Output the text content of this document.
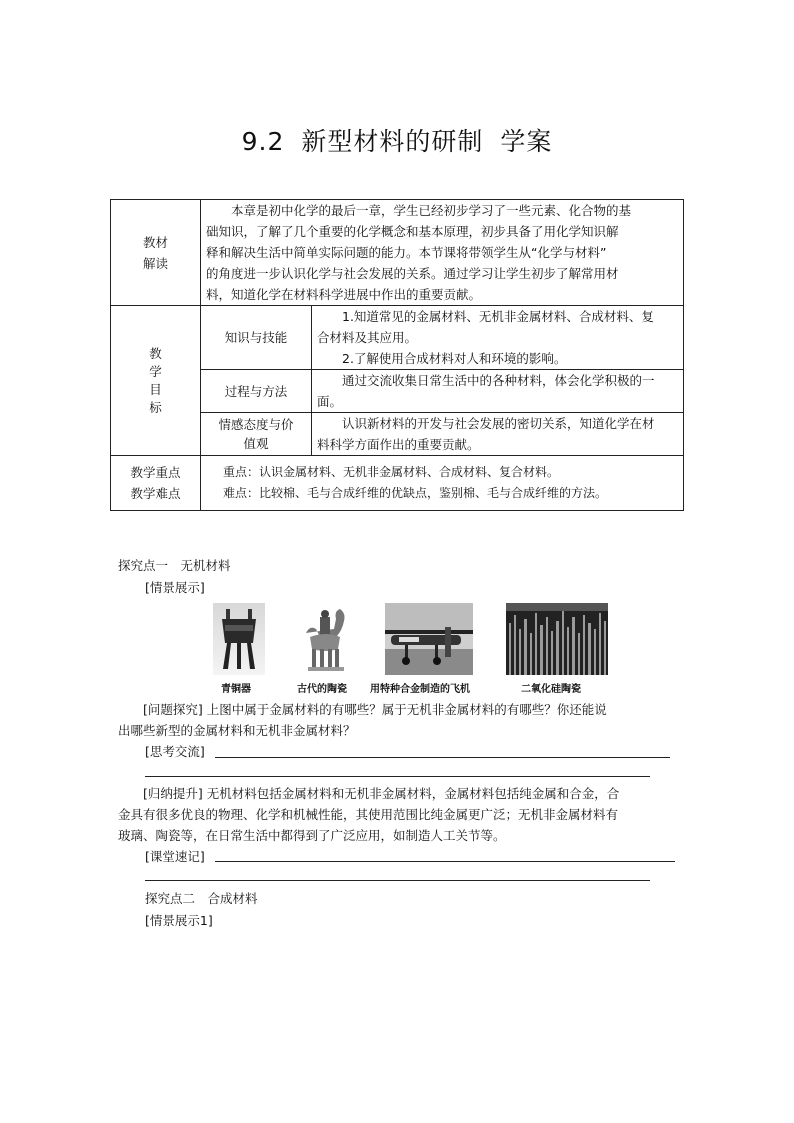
9.2 新型材料的研制 学案
教材
解读	本章是初中化学的最后一章，学生已经初步学习了一些元素、化合物的基
础知识，了解了几个重要的化学概念和基本原理，初步具备了用化学知识解
释和解决生活中简单实际问题的能力。本节课将带领学生从“化学与材料”
的角度进一步认识化学与社会发展的关系。通过学习让学生初步了解常用材
料，知道化学在材料科学进展中作出的重要贡献。	

教
学
目
标	知识与技能	1.知道常见的金属材料、无机非金属材料、合成材料、复
合材料及其应用。
2.了解使用合成材料对人和环境的影响。

	过程与方法	通过交流收集日常生活中的各种材料，体会化学积极的一
面。

	情感态度与价
值观	认识新材料的开发与社会发展的密切关系，知道化学在材
料科学方面作出的重要贡献。

教学重点
教学难点	重点：认识金属材料、无机非金属材料、合成材料、复合材料。
难点：比较棉、毛与合成纤维的优缺点，鉴别棉、毛与合成纤维的方法。	
探究点一　无机材料
[情景展示]
青铜器	古代的陶瓷 用特种合金制造的飞机	二氧化硅陶瓷
[问题探究] 上图中属于金属材料的有哪些？属于无机非金属材料的有哪些？你还能说
出哪些新型的金属材料和无机非金属材料？
[思考交流]
[归纳提升] 无机材料包括金属材料和无机非金属材料，金属材料包括纯金属和合金，合
金具有很多优良的物理、化学和机械性能，其使用范围比纯金属更广泛；无机非金属材料有
玻璃、陶瓷等，在日常生活中都得到了广泛应用，如制造人工关节等。
[课堂速记]
探究点二　合成材料
[情景展示1]
